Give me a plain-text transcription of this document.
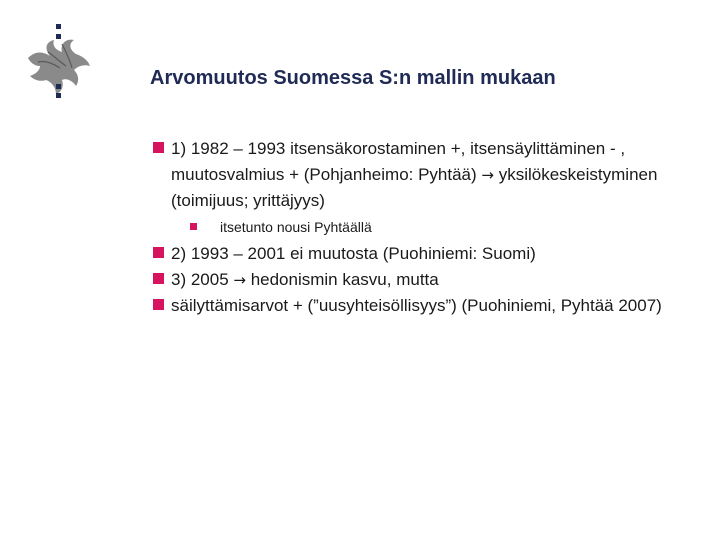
Arvomuutos Suomessa S:n mallin mukaan
1) 1982 – 1993 itsensäkorostaminen +, itsensäylittäminen - , muutosvalmius + (Pohjanheimo: Pyhtää) → yksilökeskeistyminen (toimijuus; yrittäjyys)
itsetunto nousi Pyhtäällä
2) 1993 – 2001 ei muutosta (Puohiniemi: Suomi)
3) 2005 → hedonismin kasvu, mutta
säilyttämisarvot + (”uusyhteisöllisyys”) (Puohiniemi, Pyhtää 2007)
